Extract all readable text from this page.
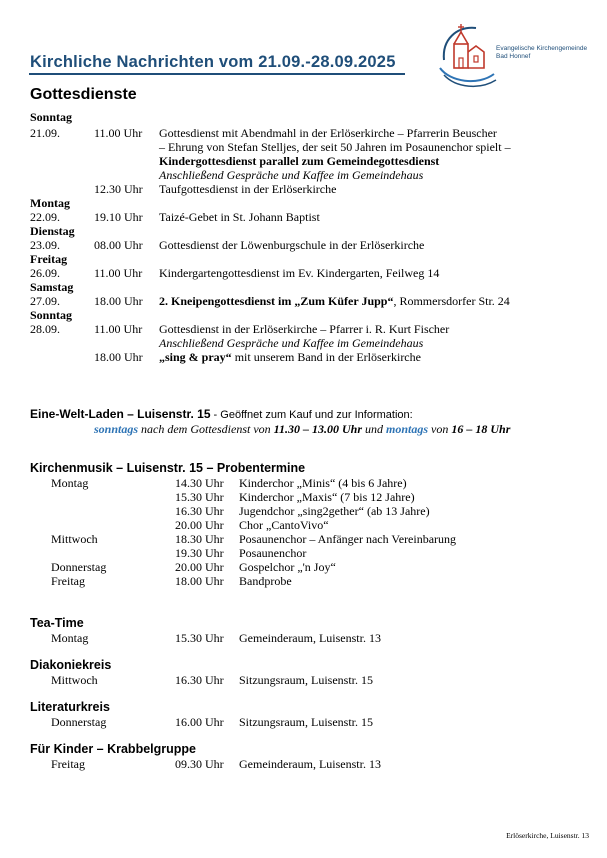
Kirchliche Nachrichten vom 21.09.-28.09.2025
Evangelische Kirchengemeinde
Bad Honnef
Gottesdienste
Sonntag
21.09.	11.00 Uhr Gottesdienst mit Abendmahl in der Erlöserkirche – Pfarrerin Beuscher
– Ehrung von Stefan Stelljes, der seit 50 Jahren im Posaunenchor spielt –
Kindergottesdienst parallel zum Gemeindegottesdienst
Anschließend Gespräche und Kaffee im Gemeindehaus
12.30 Uhr Taufgottesdienst in der Erlöserkirche
Montag
22.09.	19.10 Uhr Taizé-Gebet in St. Johann Baptist
Dienstag
23.09.	08.00 Uhr Gottesdienst der Löwenburgschule in der Erlöserkirche
Freitag
26.09.	11.00 Uhr Kindergartengottesdienst im Ev. Kindergarten, Feilweg 14
Samstag
27.09.	18.00 Uhr 2. Kneipengottesdienst im „Zum Küfer Jupp“, Rommersdorfer Str. 24
Sonntag
28.09.	11.00 Uhr Gottesdienst in der Erlöserkirche – Pfarrer i. R. Kurt Fischer
Anschließend Gespräche und Kaffee im Gemeindehaus
18.00 Uhr „sing & pray“ mit unserem Band in der Erlöserkirche
Eine-Welt-Laden – Luisenstr. 15 - Geöffnet zum Kauf und zur Information:
sonntags nach dem Gottesdienst von 11.30 – 13.00 Uhr und montags von 16 – 18 Uhr
Kirchenmusik – Luisenstr. 15 – Probentermine
Montag	14.30 Uhr Kinderchor „Minis“ (4 bis 6 Jahre)
15.30 Uhr Kinderchor „Maxis“ (7 bis 12 Jahre)
16.30 Uhr Jugendchor „sing2gether“ (ab 13 Jahre)
20.00 Uhr Chor „CantoVivo“
Mittwoch	18.30 Uhr Posaunenchor – Anfänger nach Vereinbarung
19.30 Uhr Posaunenchor
Donnerstag	20.00 Uhr Gospelchor „'n Joy“
Freitag	18.00 Uhr Bandprobe
Tea-Time
Montag	15.30 Uhr Gemeinderaum, Luisenstr. 13
Diakoniekreis
Mittwoch	16.30 Uhr Sitzungsraum, Luisenstr. 15
Literaturkreis
Donnerstag	16.00 Uhr Sitzungsraum, Luisenstr. 15
Für Kinder – Krabbelgruppe
Freitag	09.30 Uhr Gemeinderaum, Luisenstr. 13
Erlöserkirche, Luisenstr. 13
